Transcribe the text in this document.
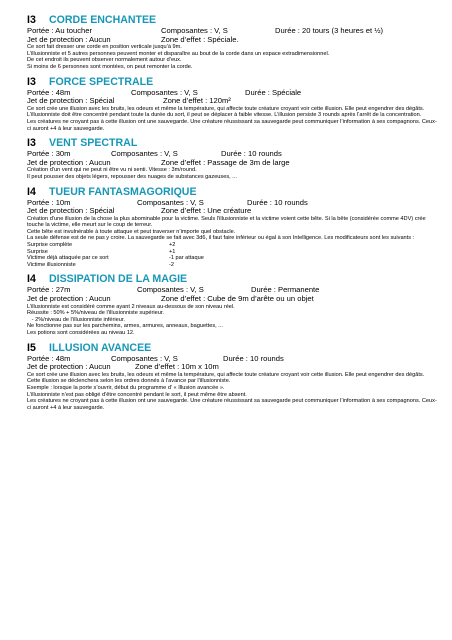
I3 CORDE ENCHANTEE
Portée : Au toucher	Composantes : V, S	Durée : 20 tours (3 heures et ½)
Jet de protection : Aucun	Zone d’effet : Spéciale.

Ce sort fait dresser une corde en position verticale jusqu’à 9m.

L’illusionniste et 5 autres personnes peuvent monter et disparaître au bout de la corde dans un espace extradimensionnel.

De cet endroit ils peuvent observer normalement autour d’eux.

Si moins de 6 personnes sont montées, on peut remonter la corde.

I3 FORCE SPECTRALE
Portée : 48m	Composantes : V, S	Durée : Spéciale
Jet de protection : Spécial	Zone d’effet : 120m²

Ce sort crée une illusion avec les bruits, les odeurs et même la température, qui affecte toute créature croyant voir cette illusion. Elle peut engendrer des dégâts.

L’illusionniste doit être concentré pendant toute la durée du sort, il peut se déplacer à faible vitesse. L’illusion persiste 3 rounds après l’arrêt de la concentration.

Les créatures ne croyant pas à cette illusion ont une sauvegarde. Une créature réussissant sa sauvegarde peut communiquer l’information à ses compagnons. Ceux-ci auront +4 à leur sauvegarde.

I3 VENT SPECTRAL
Portée : 30m	Composantes : V, S	Durée : 10 rounds
Jet de protection : Aucun	Zone d’effet : Passage de 3m de large

Création d’un vent qui ne peut ni être vu ni senti. Vitesse : 3m/round.

Il peut pousser des objets légers, repousser des nuages de substances gazeuses, ...

I4 TUEUR FANTASMAGORIQUE
Portée : 10m	Composantes : V, S	Durée : 10 rounds
Jet de protection : Spécial	Zone d’effet : Une créature

Création d’une illusion de la chose la plus abominable pour la victime. Seuls l’illusionniste et la victime voient cette bête. Si la bête (considérée comme 4DV) crée touche la victime, elle meurt sur le coup de terreur.

Cette bête est invulnérable à toute attaque et peut traverser n’importe quel obstacle.

La seule défense est de ne pas y croire. La sauvegarde se fait avec 3d6, il faut faire inférieur ou égal à son Intelligence. Les modificateurs sont les suivants :

Surprise complète	+2
Surprise	+1
Victime déjà attaquée par ce sort	-1 par attaque
Victime illusionniste	-2
I4 DISSIPATION DE LA MAGIE
Portée : 27m	Composantes : V, S	Durée : Permanente
Jet de protection : Aucun	Zone d’effet : Cube de 9m d’arête ou un objet

L’illusionniste est considéré comme ayant 2 niveaux au-dessous de son niveau réel.

Réussite : 50% + 5%/niveau de l’illusionniste supérieur.

- 2%/niveau de l’illusionniste inférieur.

Ne fonctionne pas sur les parchemins, armes, armures, anneaux, baguettes, ...

Les potions sont considérées au niveau 12.

I5 ILLUSION AVANCEE
Portée : 48m	Composantes : V, S	Durée : 10 rounds
Jet de protection : Aucun	Zone d’effet : 10m x 10m

Ce sort crée une illusion avec les bruits, les odeurs et même la température, qui affecte toute créature croyant voir cette illusion. Elle peut engendrer des dégâts. Cette illusion se déclenchera selon les ordres donnés à l’avance par l’illusionniste.

Exemple : lorsque la porte s’ouvrir, début du programme d’ « Illusion avancée ».

L’illusionniste n’est pas obligé d’être concentré pendant le sort, il peut même être absent.

Les créatures ne croyant pas à cette illusion ont une sauvegarde. Une créature réussissant sa sauvegarde peut communiquer l’information à ses compagnons. Ceux-ci auront +4 à leur sauvegarde.
